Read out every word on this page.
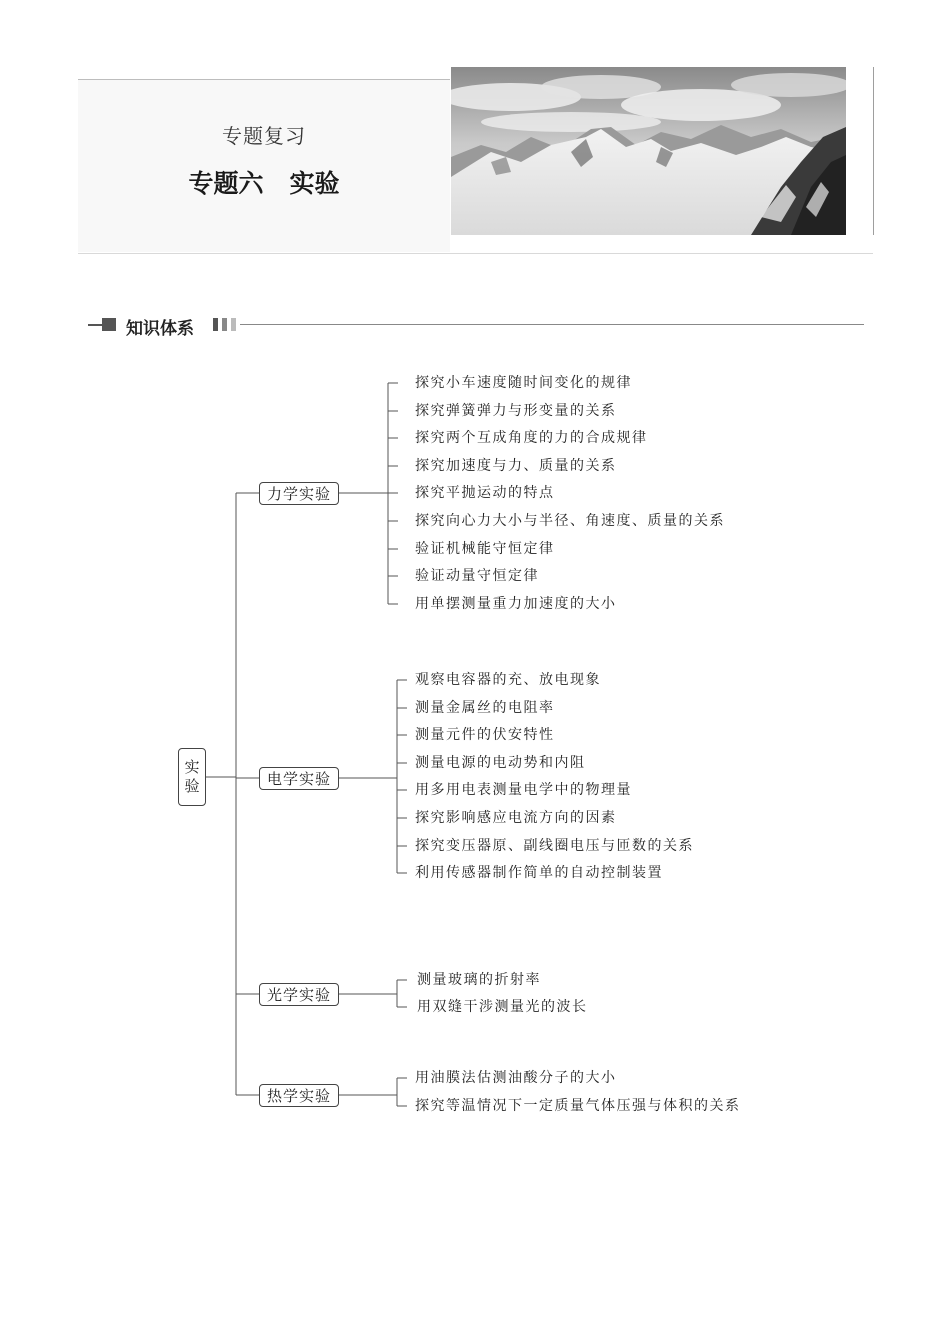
专题复习
专题六 实验
知识体系
实
验
力学实验
电学实验
光学实验
热学实验
探究小车速度随时间变化的规律
探究弹簧弹力与形变量的关系
探究两个互成角度的力的合成规律
探究加速度与力、质量的关系
探究平抛运动的特点
探究向心力大小与半径、角速度、质量的关系
验证机械能守恒定律
验证动量守恒定律
用单摆测量重力加速度的大小
观察电容器的充、放电现象
测量金属丝的电阻率
测量元件的伏安特性
测量电源的电动势和内阻
用多用电表测量电学中的物理量
探究影响感应电流方向的因素
探究变压器原、副线圈电压与匝数的关系
利用传感器制作简单的自动控制装置
测量玻璃的折射率
用双缝干涉测量光的波长
用油膜法估测油酸分子的大小
探究等温情况下一定质量气体压强与体积的关系
